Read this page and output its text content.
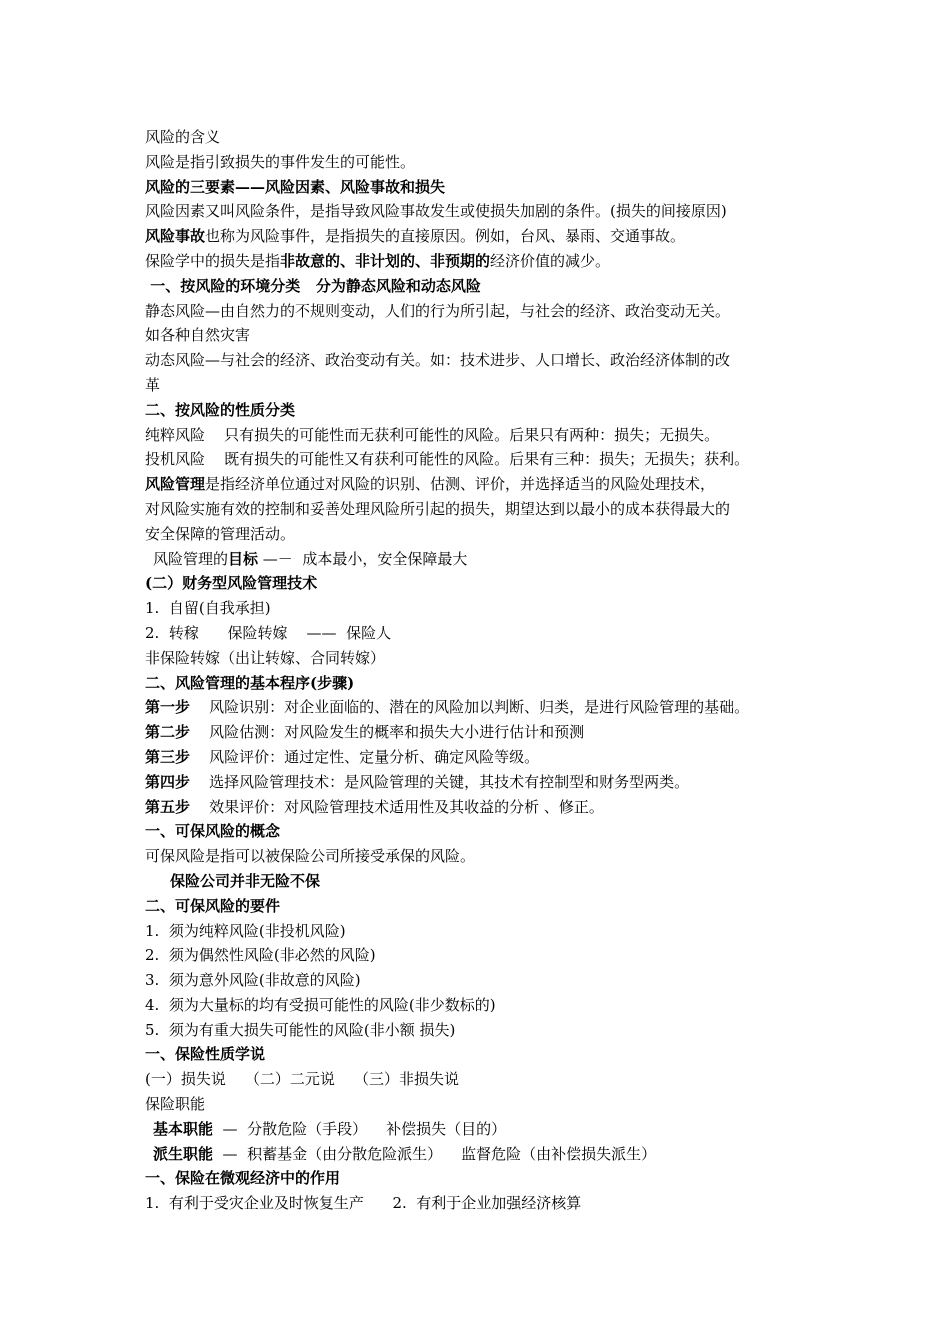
风险的含义
风险是指引致损失的事件发生的可能性。
风险的三要素——风险因素、风险事故和损失
风险因素又叫风险条件，是指导致风险事故发生或使损失加剧的条件。(损失的间接原因)
风险事故也称为风险事件，是指损失的直接原因。例如，台风、暴雨、交通事故。
保险学中的损失是指非故意的、非计划的、非预期的经济价值的减少。
一、按风险的环境分类   分为静态风险和动态风险
静态风险—由自然力的不规则变动，人们的行为所引起，与社会的经济、政治变动无关。
如各种自然灾害
动态风险—与社会的经济、政治变动有关。如：技术进步、人口增长、政治经济体制的改
革
二、按风险的性质分类
纯粹风险    只有损失的可能性而无获利可能性的风险。后果只有两种：损失；无损失。
投机风险    既有损失的可能性又有获利可能性的风险。后果有三种：损失；无损失；获利。
风险管理是指经济单位通过对风险的识别、估测、评价，并选择适当的风险处理技术，
对风险实施有效的控制和妥善处理风险所引起的损失，期望达到以最小的成本获得最大的
安全保障的管理活动。
风险管理的目标 —－  成本最小，安全保障最大
(二）财务型风险管理技术
1.  自留(自我承担)
2.  转稼      保险转嫁    ——  保险人
非保险转嫁（出让转嫁、合同转嫁）
二、风险管理的基本程序(步骤)
第一步    风险识别：对企业面临的、潜在的风险加以判断、归类，是进行风险管理的基础。
第二步    风险估测：对风险发生的概率和损失大小进行估计和预测
第三步    风险评价：通过定性、定量分析、确定风险等级。
第四步    选择风险管理技术：是风险管理的关键，其技术有控制型和财务型两类。
第五步    效果评价：对风险管理技术适用性及其收益的分析 、修正。
一、可保风险的概念
可保风险是指可以被保险公司所接受承保的风险。
保险公司并非无险不保
二、可保风险的要件
1.  须为纯粹风险(非投机风险)
2.  须为偶然性风险(非必然的风险)
3.  须为意外风险(非故意的风险)
4.  须为大量标的均有受损可能性的风险(非少数标的)
5.  须为有重大损失可能性的风险(非小额 损失)
一、保险性质学说
(一）损失说    （二）二元说    （三）非损失说
保险职能
基本职能  —  分散危险（手段）    补偿损失（目的）
派生职能  —  积蓄基金（由分散危险派生）    监督危险（由补偿损失派生）
一、保险在微观经济中的作用
1.  有利于受灾企业及时恢复生产      2.  有利于企业加强经济核算
